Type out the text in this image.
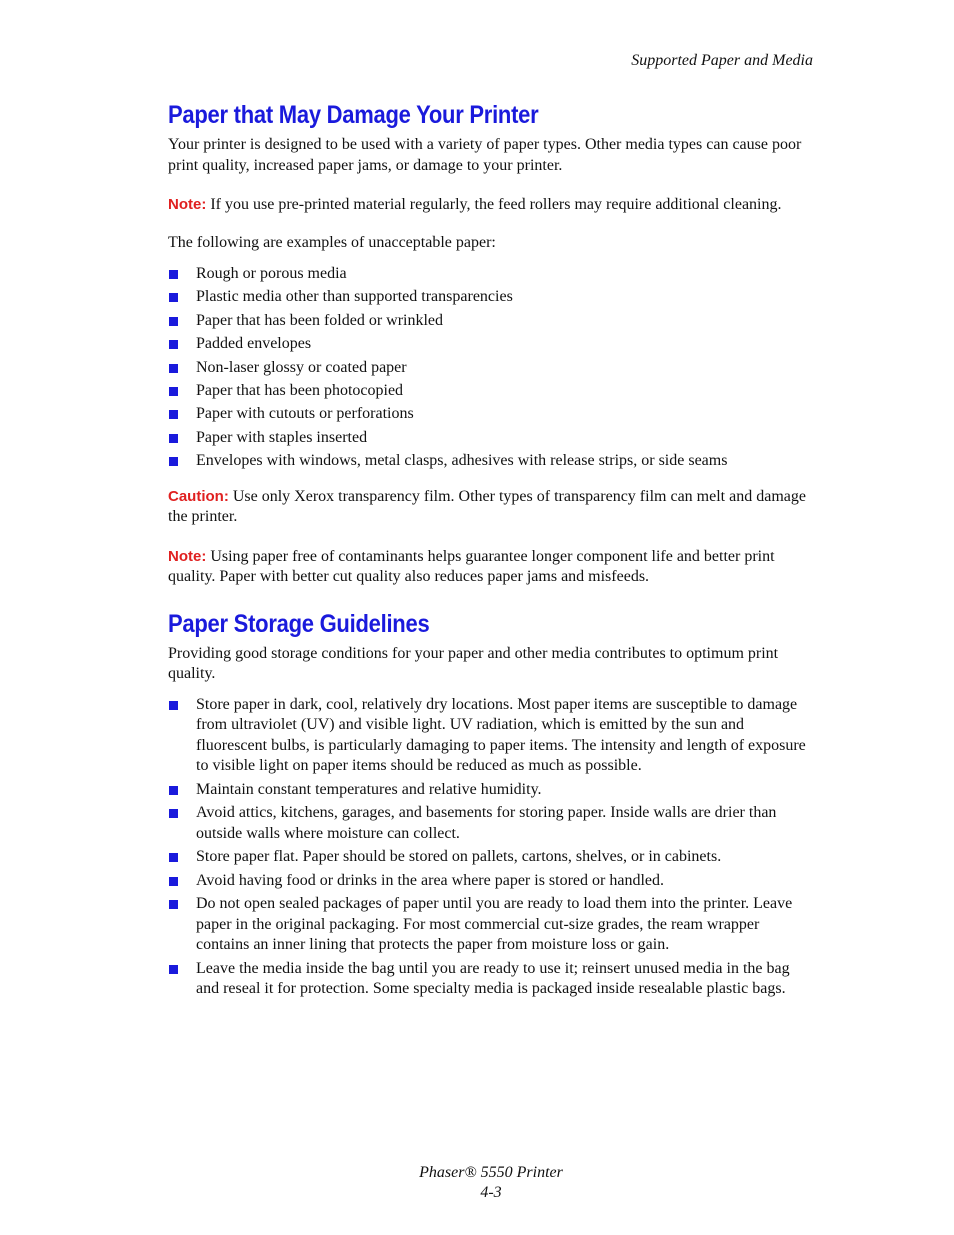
Supported Paper and Media
Paper that May Damage Your Printer

Your printer is designed to be used with a variety of paper types. Other media types can cause poor print quality, increased paper jams, or damage to your printer.

Note: If you use pre-printed material regularly, the feed rollers may require additional cleaning.

The following are examples of unacceptable paper:

Rough or porous media
Plastic media other than supported transparencies
Paper that has been folded or wrinkled
Padded envelopes
Non-laser glossy or coated paper
Paper that has been photocopied
Paper with cutouts or perforations
Paper with staples inserted
Envelopes with windows, metal clasps, adhesives with release strips, or side seams

Caution: Use only Xerox transparency film. Other types of transparency film can melt and damage the printer.

Note: Using paper free of contaminants helps guarantee longer component life and better print quality. Paper with better cut quality also reduces paper jams and misfeeds.

Paper Storage Guidelines

Providing good storage conditions for your paper and other media contributes to optimum print quality.

Store paper in dark, cool, relatively dry locations. Most paper items are susceptible to damage from ultraviolet (UV) and visible light. UV radiation, which is emitted by the sun and fluorescent bulbs, is particularly damaging to paper items. The intensity and length of exposure to visible light on paper items should be reduced as much as possible.
Maintain constant temperatures and relative humidity.
Avoid attics, kitchens, garages, and basements for storing paper. Inside walls are drier than outside walls where moisture can collect.
Store paper flat. Paper should be stored on pallets, cartons, shelves, or in cabinets.
Avoid having food or drinks in the area where paper is stored or handled.
Do not open sealed packages of paper until you are ready to load them into the printer. Leave paper in the original packaging. For most commercial cut-size grades, the ream wrapper contains an inner lining that protects the paper from moisture loss or gain.
Leave the media inside the bag until you are ready to use it; reinsert unused media in the bag and reseal it for protection. Some specialty media is packaged inside resealable plastic bags.
Phaser® 5550 Printer
4-3
